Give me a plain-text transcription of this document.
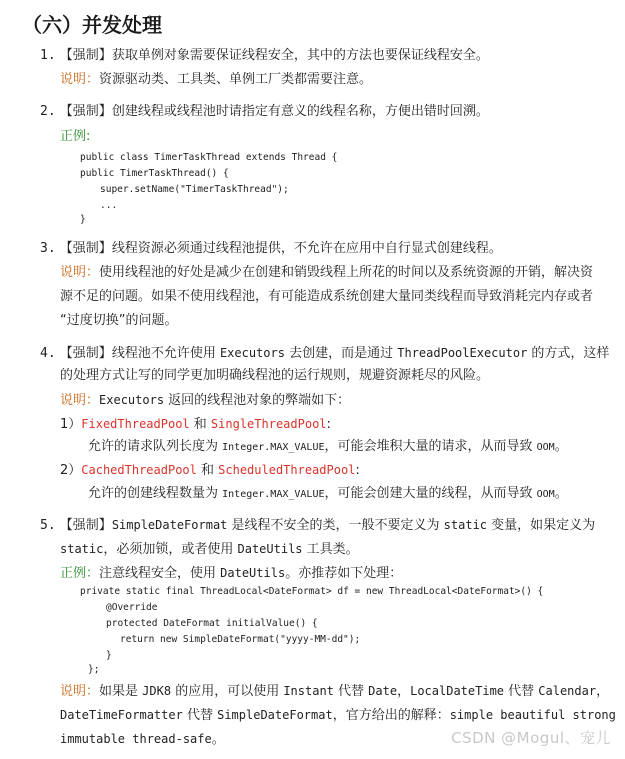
（六）并发处理
1. 【强制】获取单例对象需要保证线程安全，其中的方法也要保证线程安全。
说明：资源驱动类、工具类、单例工厂类都需要注意。
2. 【强制】创建线程或线程池时请指定有意义的线程名称，方便出错时回溯。
正例:
public class TimerTaskThread extends Thread {
public TimerTaskThread() {
super.setName("TimerTaskThread");
...
}
3. 【强制】线程资源必须通过线程池提供，不允许在应用中自行显式创建线程。
说明：使用线程池的好处是减少在创建和销毁线程上所花的时间以及系统资源的开销，解决资
源不足的问题。如果不使用线程池，有可能造成系统创建大量同类线程而导致消耗完内存或者
“过度切换”的问题。
4. 【强制】线程池不允许使用 Executors 去创建，而是通过 ThreadPoolExecutor 的方式，这样
的处理方式让写的同学更加明确线程池的运行规则，规避资源耗尽的风险。
说明：Executors 返回的线程池对象的弊端如下：
1）FixedThreadPool 和 SingleThreadPool:
允许的请求队列长度为 Integer.MAX_VALUE，可能会堆积大量的请求，从而导致 OOM。
2）CachedThreadPool 和 ScheduledThreadPool:
允许的创建线程数量为 Integer.MAX_VALUE，可能会创建大量的线程，从而导致 OOM。
5. 【强制】SimpleDateFormat 是线程不安全的类，一般不要定义为 static 变量，如果定义为
static，必须加锁，或者使用 DateUtils 工具类。
正例：注意线程安全，使用 DateUtils。亦推荐如下处理：
private static final ThreadLocal<DateFormat> df = new ThreadLocal<DateFormat>() {
@Override
protected DateFormat initialValue() {
return new SimpleDateFormat("yyyy-MM-dd");
}
};
说明：如果是 JDK8 的应用，可以使用 Instant 代替 Date，LocalDateTime 代替 Calendar，
DateTimeFormatter 代替 SimpleDateFormat，官方给出的解释：simple beautiful strong
immutable thread-safe。	CSDN @Mogul、宠儿
